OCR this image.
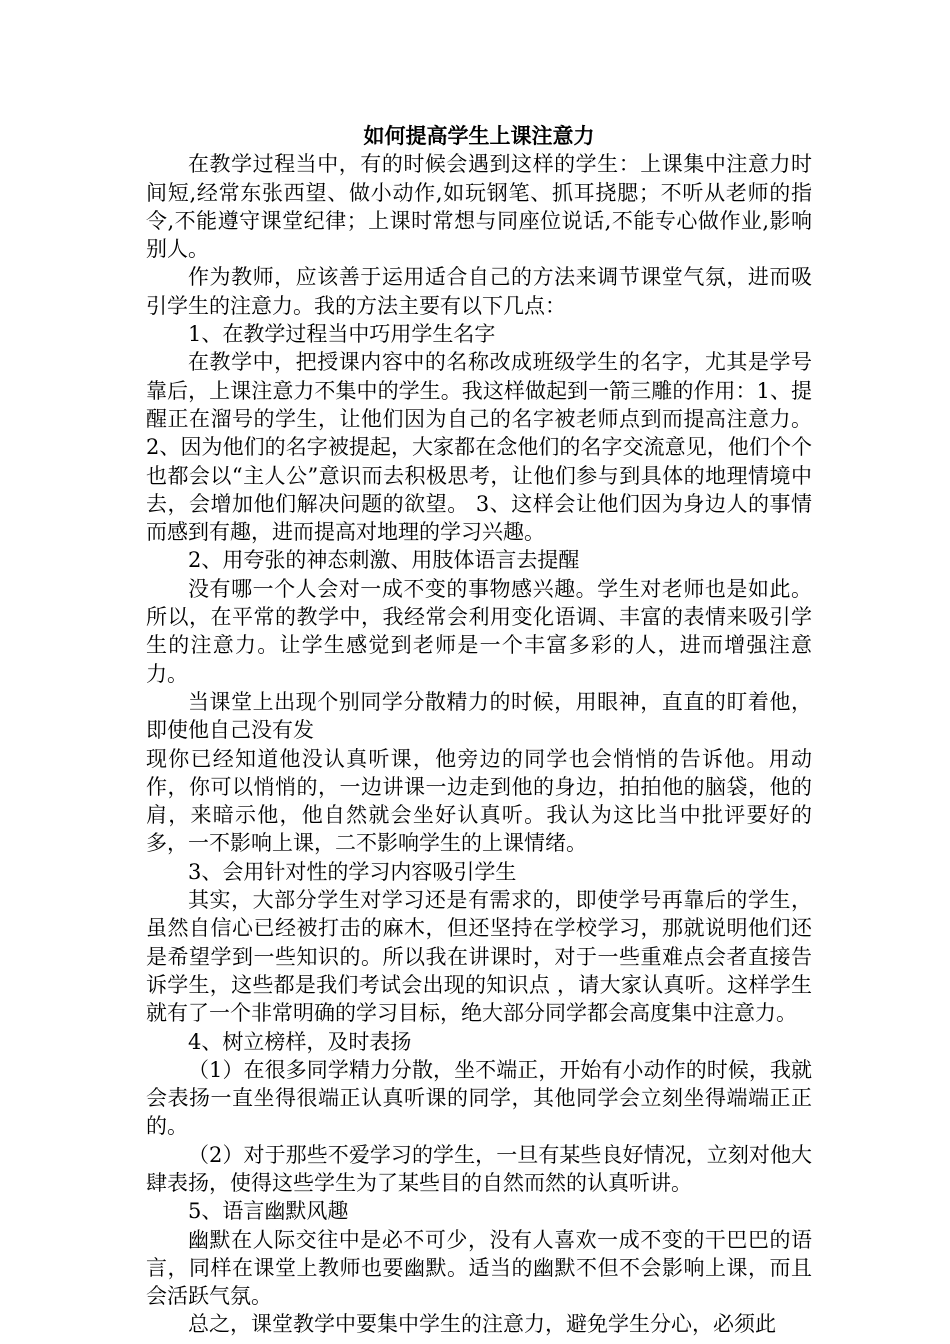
如何提高学生上课注意力

在教学过程当中，有的时候会遇到这样的学生：上课集中注意力时间短,经常东张西望、做小动作,如玩钢笔、抓耳挠腮；不听从老师的指令,不能遵守课堂纪律；上课时常想与同座位说话,不能专心做作业,影响别人。

作为教师，应该善于运用适合自己的方法来调节课堂气氛，进而吸引学生的注意力。我的方法主要有以下几点：

1、在教学过程当中巧用学生名字

在教学中，把授课内容中的名称改成班级学生的名字，尤其是学号靠后，上课注意力不集中的学生。我这样做起到一箭三雕的作用：1、提醒正在溜号的学生，让他们因为自己的名字被老师点到而提高注意力。2、因为他们的名字被提起，大家都在念他们的名字交流意见，他们个个也都会以“主人公”意识而去积极思考，让他们参与到具体的地理情境中去，会增加他们解决问题的欲望。 3、这样会让他们因为身边人的事情而感到有趣，进而提高对地理的学习兴趣。

2、用夸张的神态刺激、用肢体语言去提醒

没有哪一个人会对一成不变的事物感兴趣。学生对老师也是如此。所以，在平常的教学中，我经常会利用变化语调、丰富的表情来吸引学生的注意力。让学生感觉到老师是一个丰富多彩的人，进而增强注意力。

当课堂上出现个别同学分散精力的时候，用眼神，直直的盯着他，即使他自己没有发

现你已经知道他没认真听课，他旁边的同学也会悄悄的告诉他。用动作，你可以悄悄的，一边讲课一边走到他的身边，拍拍他的脑袋，他的肩，来暗示他，他自然就会坐好认真听。我认为这比当中批评要好的多，一不影响上课，二不影响学生的上课情绪。

3、会用针对性的学习内容吸引学生

其实，大部分学生对学习还是有需求的，即使学号再靠后的学生，虽然自信心已经被打击的麻木，但还坚持在学校学习，那就说明他们还是希望学到一些知识的。所以我在讲课时，对于一些重难点会者直接告诉学生，这些都是我们考试会出现的知识点 ，请大家认真听。这样学生就有了一个非常明确的学习目标，绝大部分同学都会高度集中注意力。

4、树立榜样，及时表扬

（1）在很多同学精力分散，坐不端正，开始有小动作的时候，我就会表扬一直坐得很端正认真听课的同学，其他同学会立刻坐得端端正正的。

（2）对于那些不爱学习的学生，一旦有某些良好情况，立刻对他大肆表扬，使得这些学生为了某些目的自然而然的认真听讲。

5、语言幽默风趣

幽默在人际交往中是必不可少，没有人喜欢一成不变的干巴巴的语言，同样在课堂上教师也要幽默。适当的幽默不但不会影响上课，而且会活跃气氛。

总之，课堂教学中要集中学生的注意力，避免学生分心，必须此
